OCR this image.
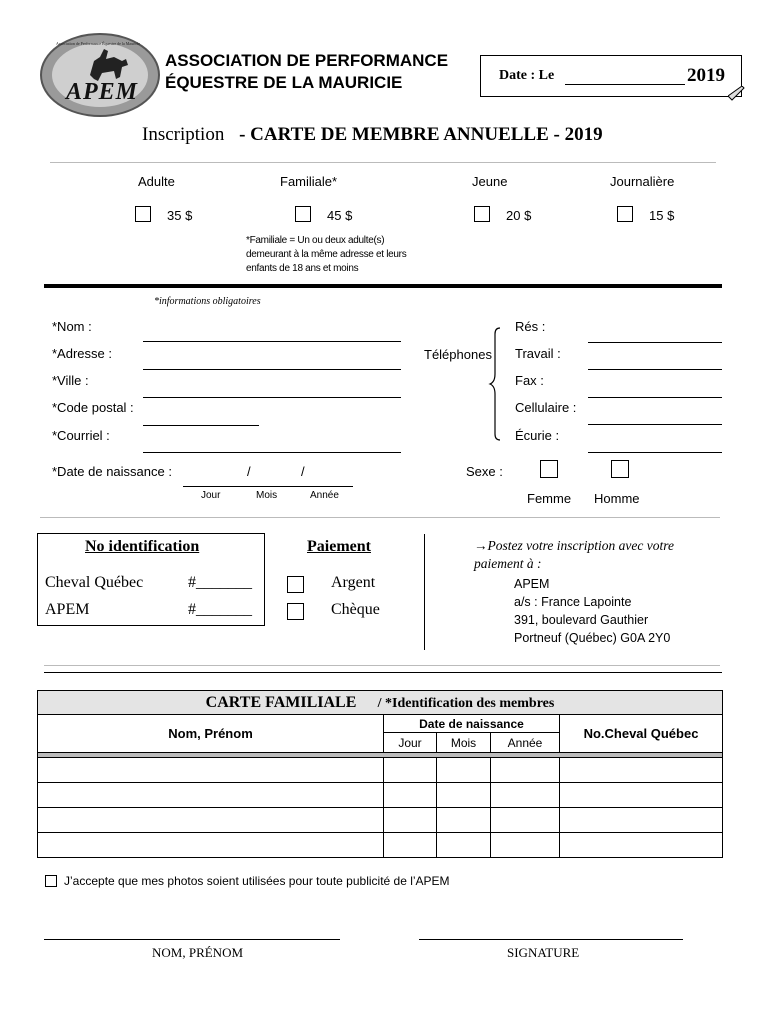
APEM
Association de Performance Équestre de la Mauricie
ASSOCIATION DE PERFORMANCE
ÉQUESTRE DE LA MAURICIE	Date : Le	2019
Inscription - CARTE DE MEMBRE ANNUELLE - 2019
Adulte	Familiale*	Jeune	Journalière
35 $	45 $	20 $	15 $
*Familiale = Un ou deux adulte(s)
demeurant à la même adresse et leurs
enfants de 18 ans et moins
*informations obligatoires
*Nom :
*Adresse :
*Ville :
*Code postal :
*Courriel :
*Date de naissance :	/	/
Jour	Mois	Année
Téléphones
Rés :
Travail :
Fax :
Cellulaire :
Écurie :
Sexe :
Femme Homme
No identification
Cheval Québec	#_______
APEM	#_______
Paiement
Argent
Chèque
→Postez votre inscription avec votre
paiement à :
APEM
a/s : France Lapointe
391, boulevard Gauthier
Portneuf (Québec) G0A 2Y0
CARTE FAMILIALE / *Identification des membres				
Nom, Prénom	Date de naissance			No.Cheval Québec
	Jour	Mois	Année	

J’accepte que mes photos soient utilisées pour toute publicité de l’APEM
NOM, PRÉNOM	SIGNATURE
